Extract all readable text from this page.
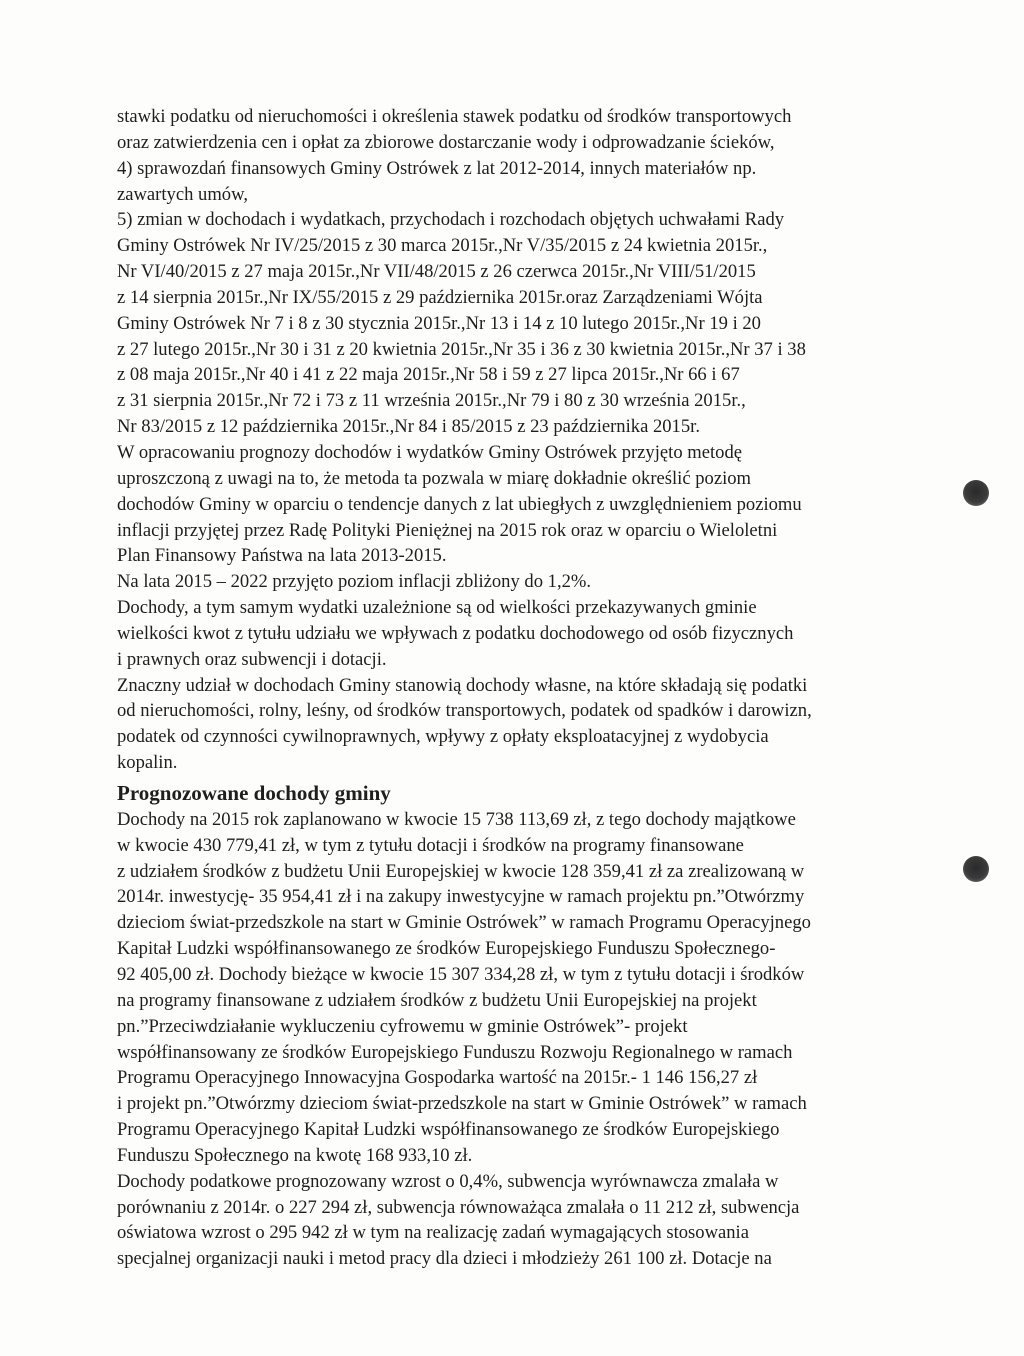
stawki podatku od nieruchomości i określenia stawek podatku od środków transportowych
oraz zatwierdzenia cen i opłat za zbiorowe dostarczanie wody i odprowadzanie ścieków,
4) sprawozdań finansowych Gminy Ostrówek z lat 2012-2014, innych materiałów np.
zawartych umów,
5) zmian w dochodach i wydatkach, przychodach i rozchodach objętych uchwałami Rady
Gminy Ostrówek Nr IV/25/2015 z 30 marca 2015r.,Nr V/35/2015 z 24 kwietnia 2015r.,
Nr VI/40/2015 z 27 maja 2015r.,Nr VII/48/2015 z 26 czerwca 2015r.,Nr VIII/51/2015
z 14 sierpnia 2015r.,Nr IX/55/2015 z 29 października 2015r.oraz Zarządzeniami Wójta
Gminy Ostrówek Nr 7 i 8 z 30 stycznia 2015r.,Nr 13 i 14 z 10 lutego 2015r.,Nr 19 i 20
z 27 lutego 2015r.,Nr 30 i 31 z 20 kwietnia 2015r.,Nr 35 i 36 z 30 kwietnia 2015r.,Nr 37 i 38
z 08 maja 2015r.,Nr 40 i 41 z 22 maja 2015r.,Nr 58 i 59 z 27 lipca 2015r.,Nr 66 i 67
z 31 sierpnia 2015r.,Nr 72 i 73 z 11 września 2015r.,Nr 79 i 80 z 30 września 2015r.,
Nr 83/2015 z 12 października 2015r.,Nr 84 i 85/2015 z 23 października 2015r.
W opracowaniu prognozy dochodów i wydatków Gminy Ostrówek przyjęto metodę
uproszczoną z uwagi na to, że metoda ta pozwala w miarę dokładnie określić poziom
dochodów Gminy w oparciu o tendencje danych z lat ubiegłych z uwzględnieniem poziomu
inflacji przyjętej przez Radę Polityki Pieniężnej na 2015 rok oraz w oparciu o Wieloletni
Plan Finansowy Państwa na lata 2013-2015.
Na lata 2015 – 2022 przyjęto poziom inflacji zbliżony do 1,2%.
Dochody, a tym samym wydatki uzależnione są od wielkości przekazywanych gminie
wielkości kwot z tytułu udziału we wpływach z podatku dochodowego od osób fizycznych
i prawnych oraz subwencji i dotacji.
Znaczny udział w dochodach Gminy stanowią dochody własne, na które składają się podatki
od nieruchomości, rolny, leśny, od środków transportowych, podatek od spadków i darowizn,
podatek od czynności cywilnoprawnych, wpływy z opłaty eksploatacyjnej z wydobycia
kopalin.
Prognozowane dochody gminy
Dochody na 2015 rok zaplanowano w kwocie 15 738 113,69 zł, z tego dochody majątkowe
w kwocie 430 779,41 zł, w tym z tytułu dotacji i środków na programy finansowane
z udziałem środków z budżetu Unii Europejskiej w kwocie 128 359,41 zł za zrealizowaną w
2014r. inwestycję- 35 954,41 zł i na zakupy inwestycyjne w ramach projektu pn.”Otwórzmy
dzieciom świat-przedszkole na start w Gminie Ostrówek” w ramach Programu Operacyjnego
Kapitał Ludzki współfinansowanego ze środków Europejskiego Funduszu Społecznego-
92 405,00 zł. Dochody bieżące w kwocie 15 307 334,28 zł, w tym z tytułu dotacji i środków
na programy finansowane z udziałem środków z budżetu Unii Europejskiej na projekt
pn.”Przeciwdziałanie wykluczeniu cyfrowemu w gminie Ostrówek”- projekt
współfinansowany ze środków Europejskiego Funduszu Rozwoju Regionalnego w ramach
Programu Operacyjnego Innowacyjna Gospodarka wartość na 2015r.- 1 146 156,27 zł
i projekt pn.”Otwórzmy dzieciom świat-przedszkole na start w Gminie Ostrówek” w ramach
Programu Operacyjnego Kapitał Ludzki współfinansowanego ze środków Europejskiego
Funduszu Społecznego na kwotę 168 933,10 zł.
Dochody podatkowe prognozowany wzrost o 0,4%, subwencja wyrównawcza zmalała w
porównaniu z 2014r. o 227 294 zł, subwencja równoważąca zmalała o 11 212 zł, subwencja
oświatowa wzrost o 295 942 zł w tym na realizację zadań wymagających stosowania
specjalnej organizacji nauki i metod pracy dla dzieci i młodzieży 261 100 zł. Dotacje na
